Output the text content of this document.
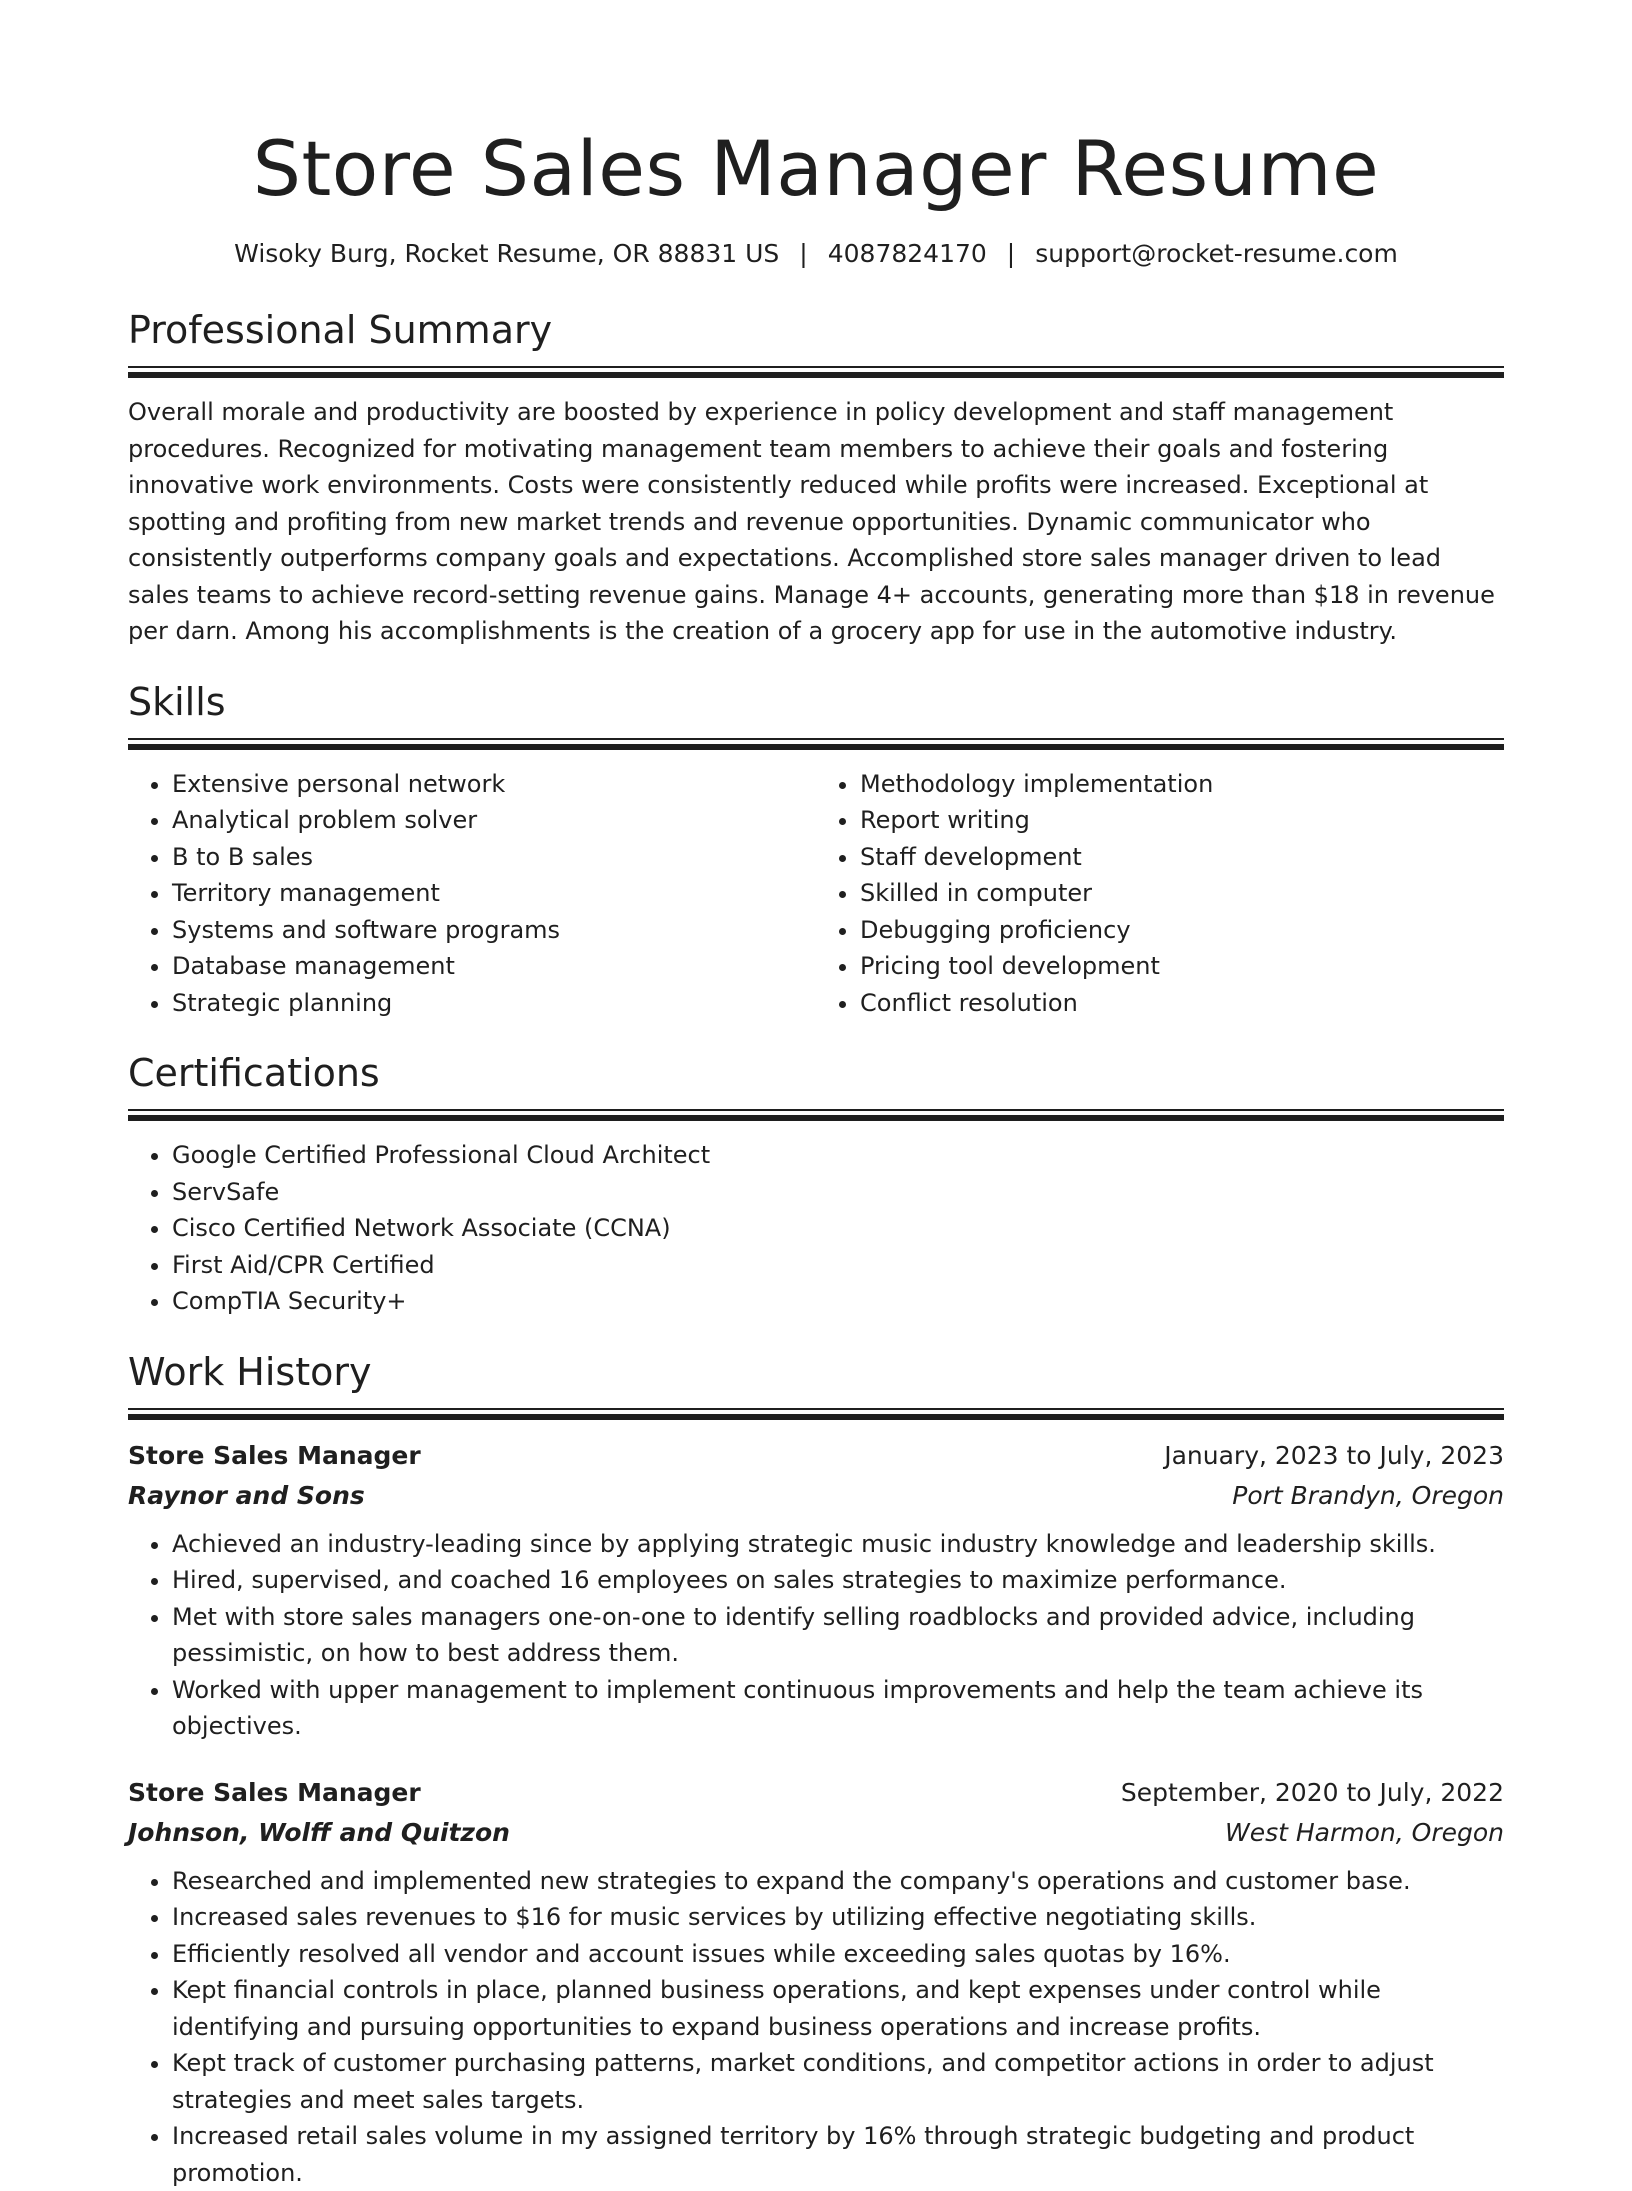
Store Sales Manager Resume
Wisoky Burg, Rocket Resume, OR 88831 US | 4087824170 | support@rocket-resume.com
Professional Summary

Overall morale and productivity are boosted by experience in policy development and staff management procedures. Recognized for motivating management team members to achieve their goals and fostering innovative work environments. Costs were consistently reduced while profits were increased. Exceptional at spotting and profiting from new market trends and revenue opportunities. Dynamic communicator who consistently outperforms company goals and expectations. Accomplished store sales manager driven to lead sales teams to achieve record-setting revenue gains. Manage 4+ accounts, generating more than $18 in revenue per darn. Among his accomplishments is the creation of a grocery app for use in the automotive industry.

Skills
• Extensive personal network
• Analytical problem solver
• B to B sales
• Territory management
• Systems and software programs
• Database management
• Strategic planning
• Methodology implementation
• Report writing
• Staff development
• Skilled in computer
• Debugging proficiency
• Pricing tool development
• Conflict resolution
Certifications
• Google Certified Professional Cloud Architect
• ServSafe
• Cisco Certified Network Associate (CCNA)
• First Aid/CPR Certified
• CompTIA Security+
Work History
Store Sales Manager	January, 2023 to July, 2023
Raynor and Sons	Port Brandyn, Oregon
• Achieved an industry-leading since by applying strategic music industry knowledge and leadership skills.
• Hired, supervised, and coached 16 employees on sales strategies to maximize performance.
• Met with store sales managers one-on-one to identify selling roadblocks and provided advice, including pessimistic, on how to best address them.
• Worked with upper management to implement continuous improvements and help the team achieve its objectives.
Store Sales Manager	September, 2020 to July, 2022
Johnson, Wolff and Quitzon	West Harmon, Oregon
• Researched and implemented new strategies to expand the company's operations and customer base.
• Increased sales revenues to $16 for music services by utilizing effective negotiating skills.
• Efficiently resolved all vendor and account issues while exceeding sales quotas by 16%.
• Kept financial controls in place, planned business operations, and kept expenses under control while identifying and pursuing opportunities to expand business operations and increase profits.
• Kept track of customer purchasing patterns, market conditions, and competitor actions in order to adjust strategies and meet sales targets.
• Increased retail sales volume in my assigned territory by 16% through strategic budgeting and product promotion.
